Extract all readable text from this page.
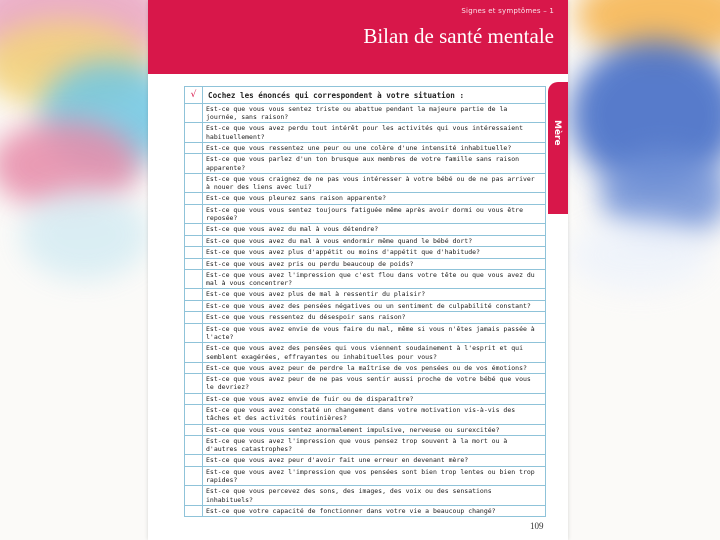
Signes et symptômes – 1
Bilan de santé mentale
Mère
√	Cochez les énoncés qui correspondent à votre situation :
Est-ce que vous vous sentez triste ou abattue pendant la majeure partie de la journée, sans raison?
Est-ce que vous avez perdu tout intérêt pour les activités qui vous intéressaient habituellement?
Est-ce que vous ressentez une peur ou une colère d'une intensité inhabituelle?
Est-ce que vous parlez d'un ton brusque aux membres de votre famille sans raison apparente?
Est-ce que vous craignez de ne pas vous intéresser à votre bébé ou de ne pas arriver à nouer des liens avec lui?
Est-ce que vous pleurez sans raison apparente?
Est-ce que vous vous sentez toujours fatiguée même après avoir dormi ou vous être reposée?
Est-ce que vous avez du mal à vous détendre?
Est-ce que vous avez du mal à vous endormir même quand le bébé dort?
Est-ce que vous avez plus d'appétit ou moins d'appétit que d'habitude?
Est-ce que vous avez pris ou perdu beaucoup de poids?
Est-ce que vous avez l'impression que c'est flou dans votre tête ou que vous avez du mal à vous concentrer?
Est-ce que vous avez plus de mal à ressentir du plaisir?
Est-ce que vous avez des pensées négatives ou un sentiment de culpabilité constant?
Est-ce que vous ressentez du désespoir sans raison?
Est-ce que vous avez envie de vous faire du mal, même si vous n'êtes jamais passée à l'acte?
Est-ce que vous avez des pensées qui vous viennent soudainement à l'esprit et qui semblent exagérées, effrayantes ou inhabituelles pour vous?
Est-ce que vous avez peur de perdre la maîtrise de vos pensées ou de vos émotions?
Est-ce que vous avez peur de ne pas vous sentir aussi proche de votre bébé que vous le devriez?
Est-ce que vous avez envie de fuir ou de disparaître?
Est-ce que vous avez constaté un changement dans votre motivation vis-à-vis des tâches et des activités routinières?
Est-ce que vous vous sentez anormalement impulsive, nerveuse ou surexcitée?
Est-ce que vous avez l'impression que vous pensez trop souvent à la mort ou à d'autres catastrophes?
Est-ce que vous avez peur d'avoir fait une erreur en devenant mère?
Est-ce que vous avez l'impression que vos pensées sont bien trop lentes ou bien trop rapides?
Est-ce que vous percevez des sons, des images, des voix ou des sensations inhabituels?
Est-ce que votre capacité de fonctionner dans votre vie a beaucoup changé?
109
